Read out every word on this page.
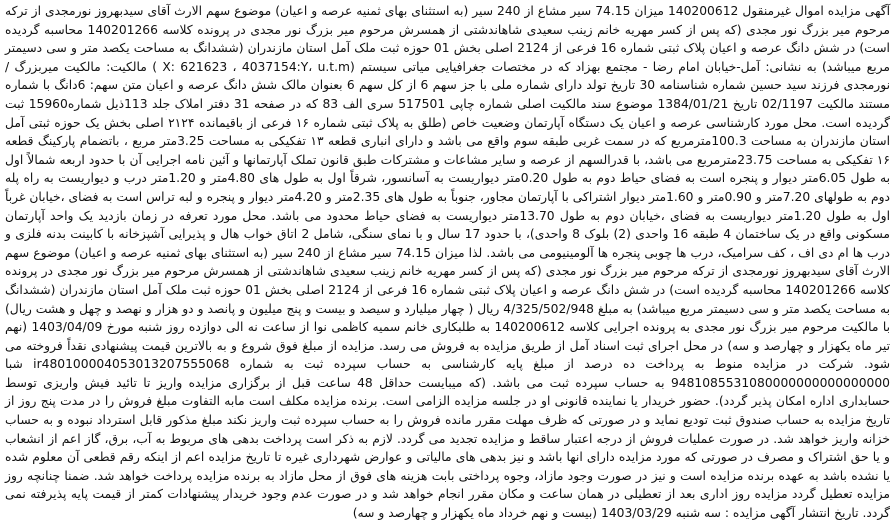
آگهی مزایده اموال غیرمنقول 140200612 میزان 74.15 سیر مشاع از 240 سیر (به استثنای بهای ثمنیه عرصه و اعیان) موضوع سهم الارث آقای سیدبهروز نورمجدی از ترکه مرحوم میر بزرگ نور مجدی (که پس از کسر مهریه خانم زینب سعیدی شاهاندشتی از همسرش مرحوم میر بزرگ نور مجدی در پرونده کلاسه 140201266 محاسبه گردیده است) در شش دانگ عرصه و اعیان پلاک ثبتی شماره 16 فرعی از 2124 اصلی بخش 01 حوزه ثبت ملک آمل استان مازندران (ششدانگ به مساحت یکصد متر و سی دسیمتر مربع میباشد) به نشانی: آمل-خیابان امام رضا - مجتمع بهزاد که در مختصات جغرافیایی میاتی سیستم (X: 621623 ، 4037154:Y، u.t.m ) مالکیت: مالکیت میربزرگ / نورمجدی فرزند سید حسین شماره شناسنامه 30 تاریخ تولد دارای شماره ملی با جز سهم 6 از کل سهم 6 بعنوان مالک شش دانگ عرصه و اعیان متن سهم: 6دانگ با شماره مستند مالکیت 02/1197 تاریخ 1384/01/21 موضوع سند مالکیت اصلی شماره چاپی 517501 سری الف 83 که در صفحه 31 دفتر املاک جلد 113ذیل شماره15960 ثبت گردیده است. محل مورد کارشناسی عرصه و اعیان یک دستگاه آپارتمان وضعیت خاص (طلق به پلاک ثبتی شماره ۱۶ فرعی از باقیمانده ۲۱۲۴ اصلی بخش یک حوزه ثبتی آمل استان مازندران به مساحت 100.3مترمربع که در سمت غربی طبقه سوم واقع می باشد و دارای انباری قطعه ۱۳ تفکیکی به مساحت 3.25متر مربع ، باتضمام پارکینگ قطعه ۱۶ تفکیکی به مساحت 23.75مترمربع می باشد، با قدرالسهم از عرصه و سایر مشاعات و مشترکات طبق قانون تملک آپارتمانها و آئین نامه اجرایی آن با حدود اربعه شمالاً اول به طول 6.05متر دیوار و پنجره است به فضای حیاط دوم به طول 0.20متر دیواریست به آسانسور، شرقاً اول به طول های 4.80متر و 1.20متر درب و دیواریست به راه پله دوم به طولهای 7.20متر و 0.90متر و 1.60متر دیوار اشتراکی با آپارتمان مجاور، جنوباً به طول های 2.35متر و 4.20متر دیوار و پنجره و لبه تراس است به فضای ،خیابان غرباً اول به طول 1.20متر دیواریست به فضای ،خیابان دوم به طول 13.70متر دیواریست به فضای حیاط محدود می باشد. محل مورد تعرفه در زمان بازدید یک واحد آپارتمان مسکونی واقع در یک ساختمان 4 طبقه 16 واحدی (2) بلوک 8 واحدی)، با حدود 17 سال و با نمای سنگی، شامل 2 اتاق خواب هال و پذیرایی آشپزخانه با کابینت بدنه فلزی و درب ها ام دی اف ، کف سرامیک، درب ها چوبی پنجره ها آلومینیومی می باشد. لذا میزان 74.15 سیر مشاع از 240 سیر (به استثنای بهای ثمنیه عرصه و اعیان) موضوع سهم الارث آقای سیدبهروز نورمجدی از ترکه مرحوم میر بزرگ نور مجدی (که پس از کسر مهریه خانم زینب سعیدی شاهاندشتی از همسرش مرحوم میر بزرگ نور مجدی در پرونده کلاسه 140201266 محاسبه گردیده است) در شش دانگ عرصه و اعیان پلاک ثبتی شماره 16 فرعی از 2124 اصلی بخش 01 حوزه ثبت ملک آمل استان مازندران (ششدانگ به مساحت یکصد متر و سی دسیمتر مربع میباشد) به مبلغ 4/325/502/948 ریال ( چهار میلیارد و سیصد و بیست و پنج میلیون و پانصد و دو هزار و نهصد و چهل و هشت ریال) با مالکیت مرحوم میر بزرگ نور مجدی به پرونده اجرایی کلاسه 140200612 به طلبکاری خانم سمیه کاظمی نوا از ساعت نه الی دوازده روز شنبه مورخ 1403/04/09 (نهم تیر ماه یکهزار و چهارصد و سه) در محل اجرای ثبت اسناد آمل از طریق مزایده به فروش می رسد. مزایده از مبلغ فوق شروع و به بالاترین قیمت پیشنهادی نقداً فروخته می شود. شرکت در مزایده منوط به پرداخت ده درصد از مبلغ پایه کارشناسی به حساب سپرده ثبت به شماره ir480100004053013207555068 شبا 9481085531080000000000000000 به حساب سپرده ثبت می باشد. (که میبایست حداقل 48 ساعت قبل از برگزاری مزایده واریز تا تائید فیش واریزی توسط حسابداری اداره امکان پذیر گردد). حضور خریدار یا نماینده قانونی او در جلسه مزایده الزامی است. برنده مزایده مکلف است مابه التفاوت مبلغ فروش را در مدت پنج روز از تاریخ مزایده به حساب صندوق ثبت تودیع نماید و در صورتی که ظرف مهلت مقرر مانده فروش را به حساب سپرده ثبت واریز نکند مبلغ مذکور قابل استرداد نبوده و به حساب خزانه واریز خواهد شد. در صورت عملیات فروش از درجه اعتبار ساقط و مزایده تجدید می گردد. لازم به ذکر است پرداخت بدهی های مربوط به آب، برق، گاز اعم از انشعاب و یا حق اشتراک و مصرف در صورتی که مورد مزایده دارای انها باشد و نیز بدهی های مالیاتی و عوارض شهرداری غیره تا تاریخ مزایده اعم از اینکه رقم قطعی آن معلوم شده یا نشده باشد به عهده برنده مزایده است و نیز در صورت وجود مازاد، وجوه پرداختی بابت هزینه های فوق از محل مازاد به برنده مزایده پرداخت خواهد شد. ضمنا چنانچه روز مزایده تعطیل گردد مزایده روز اداری بعد از تعطیلی در همان ساعت و مکان مقرر انجام خواهد شد و در صورت عدم وجود خریدار پیشنهادات کمتر از قیمت پایه پذیرفته نمی گردد. تاریخ انتشار آگهی مزایده : سه شنبه 1403/03/29 (بیست و نهم خرداد ماه یکهزار و چهارصد و سه)
